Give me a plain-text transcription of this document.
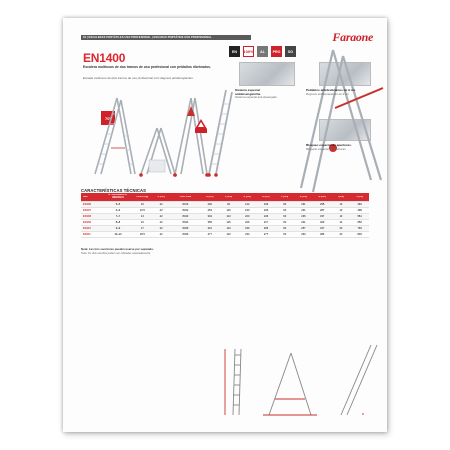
04 | ESCALERAS PORTÁTILES USO PROFESIONAL | ESCADAS PORTÁTEIS USO PROFISSIONAL	Faraone
EN	100%	AL	PRO	SG
EN1400
Escalera multiusos de dos tramos de uso profesional con peldaños ribeteados.
Escada multiusos de dois tramos de uso profissional com degraus antiderrapantes.
70°
Sistema especial antidesenganche.
Sistema especial anti-desengate.
Peldaños antideslizantes de 9 cm.
Degraus antiderrapantes de 9 cm.
Bloqueo especial de aperturas.
Bloqueio especial de aberturas.
CARACTERÍSTICAS TÉCNICAS
REF.
Nº PELDAÑOS Nº DEGRAUS
PESO (Kg)	A (cm)	CÓD. EAN	B (cm)	C (cm)	D (cm)	E (cm)	F (cm)	G (cm)	H (cm)	I (cm)	J (cm)
ED106	5+5	10	42	8016	246	93	142	236	60	231	258	13	460
ED107	6+6	10.5	42	8042	253	116	190	236	60	231	287	13	498
ED108	7+7	13	42	8043	304	113	220	246	60	236	337	13	581
ED109	8+8	16	42	8044	355	115	226	217	60	241	409	14	656
ED110	9+9	17	42	8045	410	110	236	265	60	257	437	23	766
ED111	10+10	18.5	42	8046	477	110	234	277	60	263	486	23	836
Nota: Las tres secciones pueden usarse por separado.
Nota: Os dois secções podem ser utilizadas separadamente.
